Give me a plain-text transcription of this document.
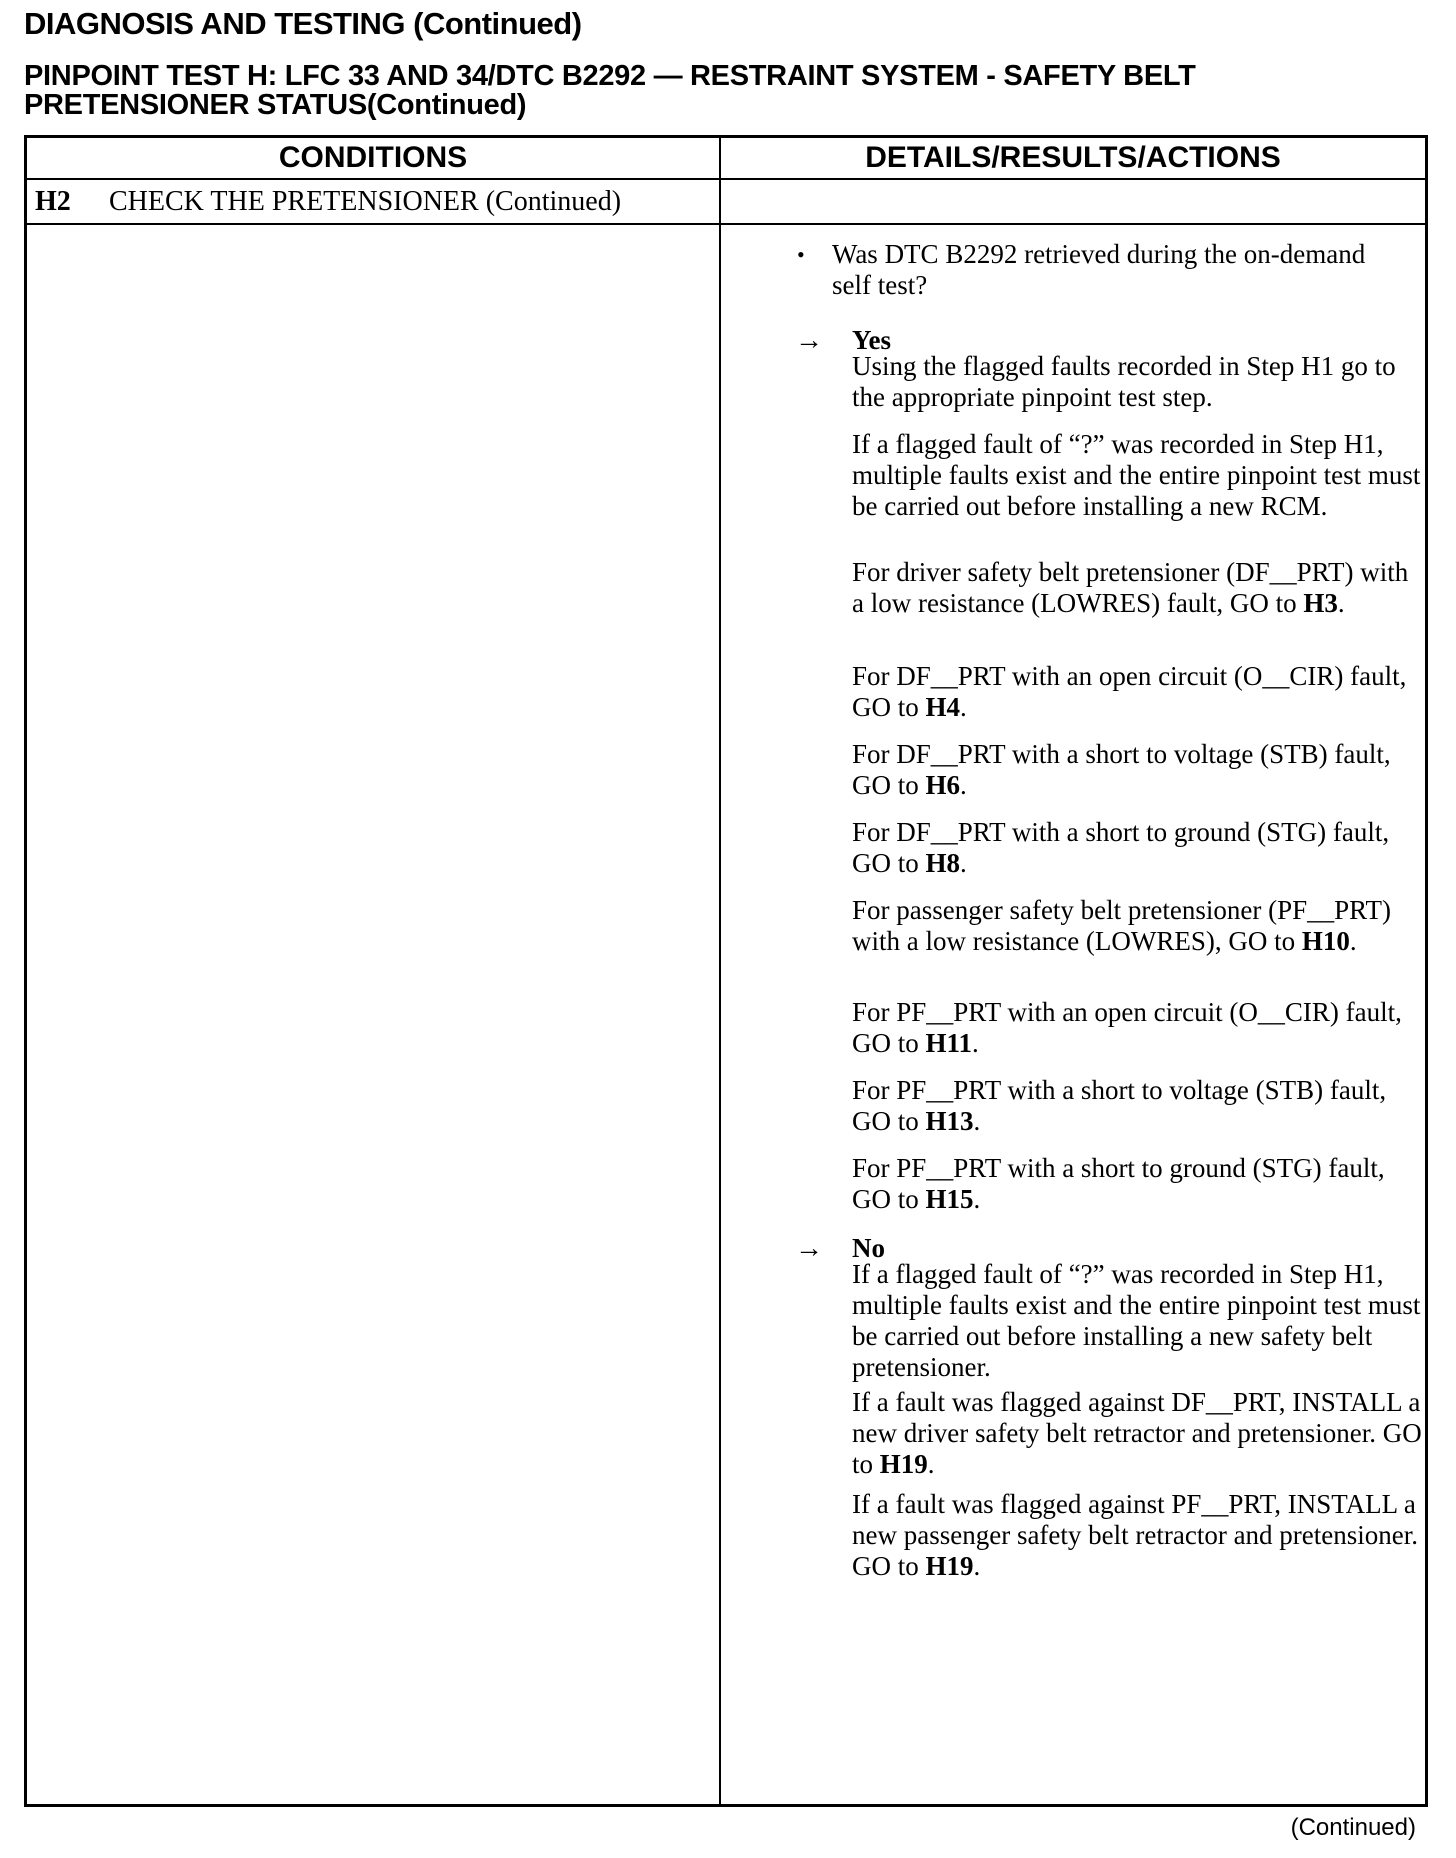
DIAGNOSIS AND TESTING (Continued)
PINPOINT TEST H: LFC 33 AND 34/DTC B2292 — RESTRAINT SYSTEM - SAFETY BELT
PRETENSIONER STATUS(Continued)
CONDITIONS	DETAILS/RESULTS/ACTIONS
H2 CHECK THE PRETENSIONER (Continued)
• Was DTC B2292 retrieved during the on-demand self test?
→ Yes
Using the flagged faults recorded in Step H1 go to the appropriate pinpoint test step.
If a flagged fault of “?” was recorded in Step H1, multiple faults exist and the entire pinpoint test must be carried out before installing a new RCM.
For driver safety belt pretensioner (DF__PRT) with a low resistance (LOWRES) fault, GO to H3.
For DF__PRT with an open circuit (O__CIR) fault, GO to H4.
For DF__PRT with a short to voltage (STB) fault, GO to H6.
For DF__PRT with a short to ground (STG) fault, GO to H8.
For passenger safety belt pretensioner (PF__PRT) with a low resistance (LOWRES), GO to H10.
For PF__PRT with an open circuit (O__CIR) fault, GO to H11.
For PF__PRT with a short to voltage (STB) fault, GO to H13.
For PF__PRT with a short to ground (STG) fault, GO to H15.
→ No
If a flagged fault of “?” was recorded in Step H1, multiple faults exist and the entire pinpoint test must be carried out before installing a new safety belt pretensioner.
If a fault was flagged against DF__PRT, INSTALL a new driver safety belt retractor and pretensioner. GO to H19.
If a fault was flagged against PF__PRT, INSTALL a new passenger safety belt retractor and pretensioner. GO to H19.
(Continued)
